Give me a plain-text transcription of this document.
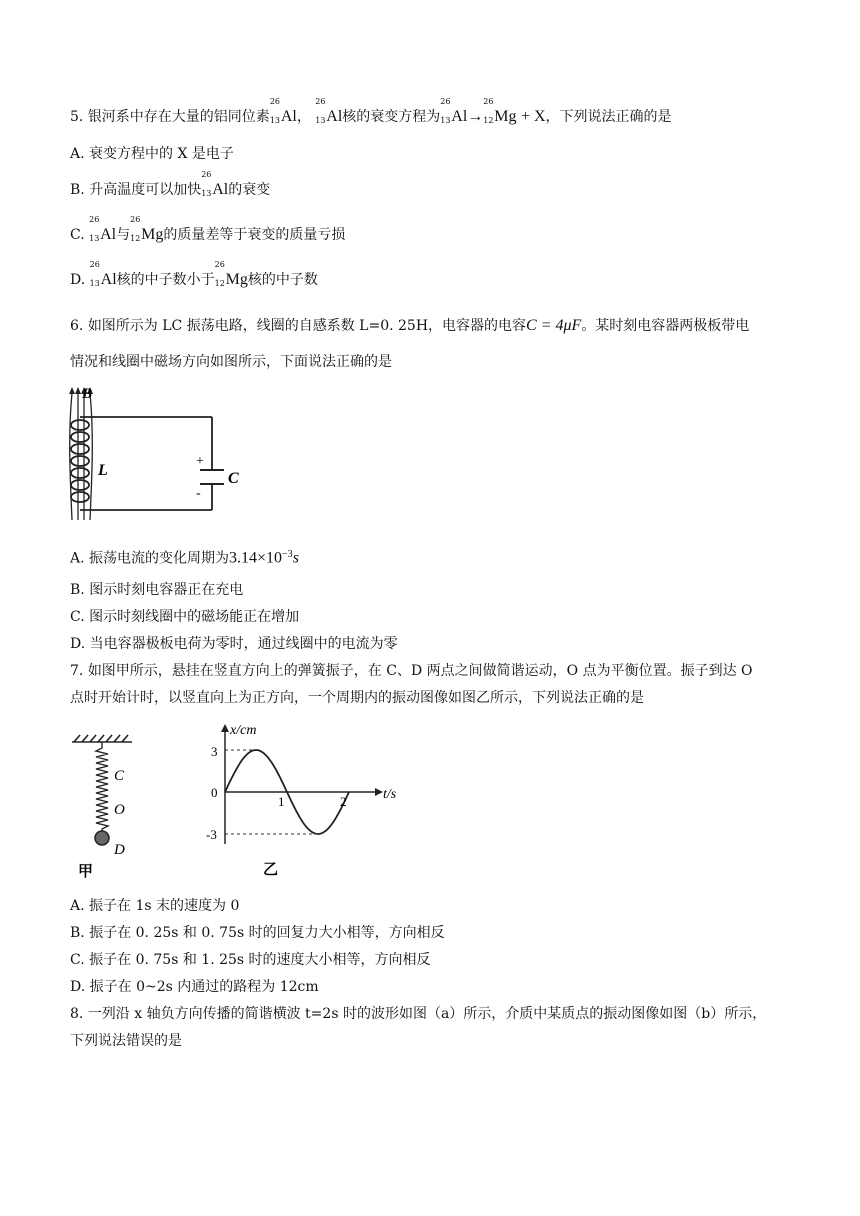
5. 银河系中存在大量的铝同位素
26
13 Al，
26
13 Al核的衰变方程为
26
13 Al→
26
12 Mg + X，下列说法正确的是
A. 衰变方程中的 X 是电子
B. 升高温度可以加快
26
13 Al的衰变
C.
26
13 Al与
26
12 Mg的质量差等于衰变的质量亏损
D.
26
13 Al核的中子数小于
26
12 Mg核的中子数
6. 如图所示为 LC 振荡电路，线圈的自感系数 L=0. 25H，电容器的电容C = 4μF。某时刻电容器两极板带电
情况和线圈中磁场方向如图所示，下面说法正确的是
+
-
C
B
L
A. 振荡电流的变化周期为$3.14\times 10^{-3}s$
B. 图示时刻电容器正在充电
C. 图示时刻线圈中的磁场能正在增加
D. 当电容器极板电荷为零时，通过线圈中的电流为零
7. 如图甲所示，悬挂在竖直方向上的弹簧振子，在 C、D 两点之间做简谐运动，O 点为平衡位置。振子到达 O
点时开始计时，以竖直向上为正方向，一个周期内的振动图像如图乙所示，下列说法正确的是
C
O
D
甲
x/cm
t/s
3
0
-3
1	2
乙
A. 振子在 1s 末的速度为 0
B. 振子在 0. 25s 和 0. 75s 时的回复力大小相等，方向相反
C. 振子在 0. 75s 和 1. 25s 时的速度大小相等，方向相反
D. 振子在 0~2s 内通过的路程为 12cm
8. 一列沿 x 轴负方向传播的简谐横波 t=2s 时的波形如图（a）所示，介质中某质点的振动图像如图（b）所示，
下列说法错误的是
